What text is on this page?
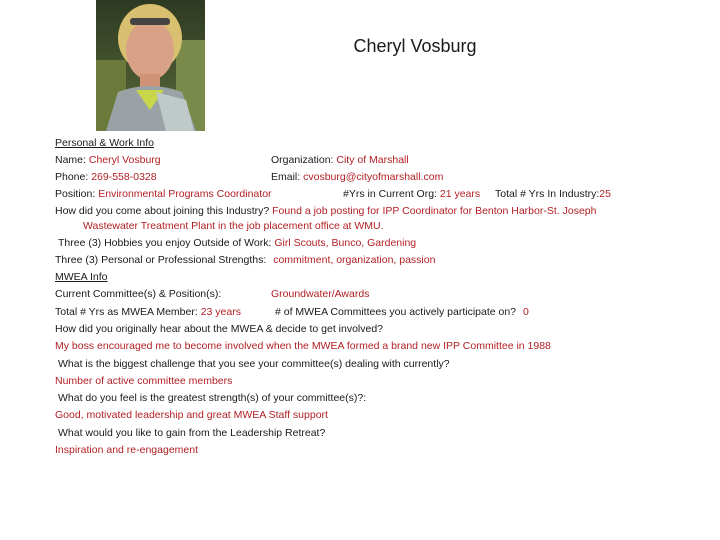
Cheryl Vosburg
Personal & Work Info
Name: Cheryl Vosburg	Organization: City of Marshall
Phone: 269-558-0328	Email: cvosburg@cityofmarshall.com
Position: Environmental Programs Coordinator	#Yrs in Current Org: 21 years Total # Yrs In Industry:25
How did you come about joining this Industry? Found a job posting for IPP Coordinator for Benton Harbor-St. Joseph
Wastewater Treatment Plant in the job placement office at WMU.
Three (3) Hobbies you enjoy Outside of Work: Girl Scouts, Bunco, Gardening
Three (3) Personal or Professional Strengths: commitment, organization, passion
MWEA Info
Current Committee(s) & Position(s):	Groundwater/Awards
Total # Yrs as MWEA Member: 23 years	# of MWEA Committees you actively participate on? 0
How did you originally hear about the MWEA & decide to get involved?
My boss encouraged me to become involved when the MWEA formed a brand new IPP Committee in 1988
What is the biggest challenge that you see your committee(s) dealing with currently?
Number of active committee members
What do you feel is the greatest strength(s) of your committee(s)?:
Good, motivated leadership and great MWEA Staff support
What would you like to gain from the Leadership Retreat?
Inspiration and re-engagement
